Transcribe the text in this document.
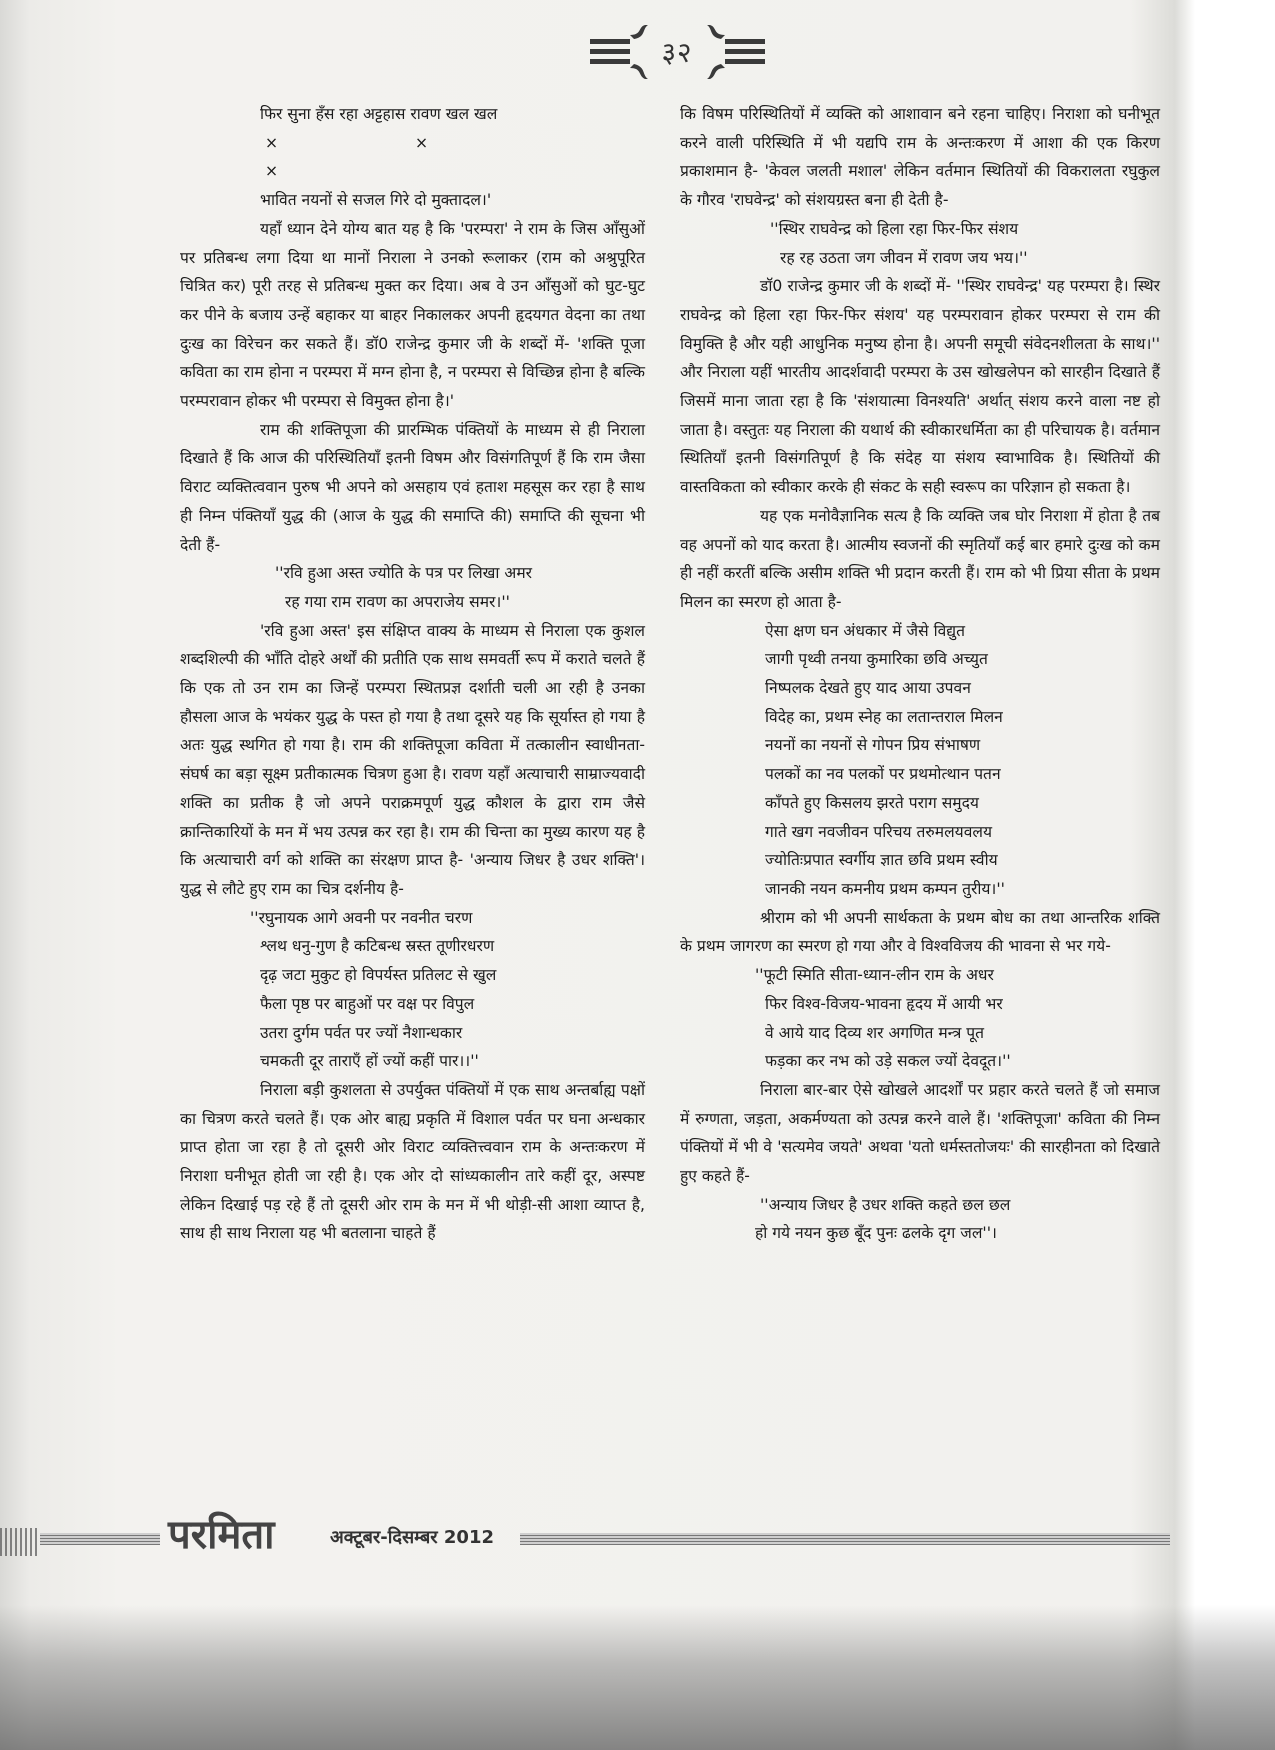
३२
फिर सुना हँस रहा अट्टहास रावण खल खल
×	××
भावित नयनों से सजल गिरे दो मुक्तादल।'

यहाँ ध्यान देने योग्य बात यह है कि 'परम्परा' ने राम के जिस आँसुओं पर प्रतिबन्ध लगा दिया था मानों निराला ने उनको रूलाकर (राम को अश्रुपूरित चित्रित कर) पूरी तरह से प्रतिबन्ध मुक्त कर दिया। अब वे उन आँसुओं को घुट-घुट कर पीने के बजाय उन्हें बहाकर या बाहर निकालकर अपनी हृदयगत वेदना का तथा दुःख का विरेचन कर सकते हैं। डॉ0 राजेन्द्र कुमार जी के शब्दों में- 'शक्ति पूजा कविता का राम होना न परम्परा में मग्न होना है, न परम्परा से विच्छिन्न होना है बल्कि परम्परावान होकर भी परम्परा से विमुक्त होना है।'

राम की शक्तिपूजा की प्रारम्भिक पंक्तियों के माध्यम से ही निराला दिखाते हैं कि आज की परिस्थितियाँ इतनी विषम और विसंगतिपूर्ण हैं कि राम जैसा विराट व्यक्तित्ववान पुरुष भी अपने को असहाय एवं हताश महसूस कर रहा है साथ ही निम्न पंक्तियाँ युद्ध की (आज के युद्ध की समाप्ति की) समाप्ति की सूचना भी देती हैं-

''रवि हुआ अस्त ज्योति के पत्र पर लिखा अमर
रह गया राम रावण का अपराजेय समर।''

'रवि हुआ अस्त' इस संक्षिप्त वाक्य के माध्यम से निराला एक कुशल शब्दशिल्पी की भाँति दोहरे अर्थों की प्रतीति एक साथ समवर्ती रूप में कराते चलते हैं कि एक तो उन राम का जिन्हें परम्परा स्थितप्रज्ञ दर्शाती चली आ रही है उनका हौसला आज के भयंकर युद्ध के पस्त हो गया है तथा दूसरे यह कि सूर्यास्त हो गया है अतः युद्ध स्थगित हो गया है। राम की शक्तिपूजा कविता में तत्कालीन स्वाधीनता-संघर्ष का बड़ा सूक्ष्म प्रतीकात्मक चित्रण हुआ है। रावण यहाँ अत्याचारी साम्राज्यवादी शक्ति का प्रतीक है जो अपने पराक्रमपूर्ण युद्ध कौशल के द्वारा राम जैसे क्रान्तिकारियों के मन में भय उत्पन्न कर रहा है। राम की चिन्ता का मुख्य कारण यह है कि अत्याचारी वर्ग को शक्ति का संरक्षण प्राप्त है- 'अन्याय जिधर है उधर शक्ति'। युद्ध से लौटे हुए राम का चित्र दर्शनीय है-

''रघुनायक आगे अवनी पर नवनीत चरण
श्लथ धनु-गुण है कटिबन्ध स्रस्त तूणीरधरण
दृढ़ जटा मुकुट हो विपर्यस्त प्रतिलट से खुल
फैला पृष्ठ पर बाहुओं पर वक्ष पर विपुल
उतरा दुर्गम पर्वत पर ज्यों नैशान्धकार
चमकती दूर ताराएँ हों ज्यों कहीं पार।।''

निराला बड़ी कुशलता से उपर्युक्त पंक्तियों में एक साथ अन्तर्बाह्य पक्षों का चित्रण करते चलते हैं। एक ओर बाह्य प्रकृति में विशाल पर्वत पर घना अन्धकार प्राप्त होता जा रहा है तो दूसरी ओर विराट व्यक्तित्त्ववान राम के अन्तःकरण में निराशा घनीभूत होती जा रही है। एक ओर दो सांध्यकालीन तारे कहीं दूर, अस्पष्ट लेकिन दिखाई पड़ रहे हैं तो दूसरी ओर राम के मन में भी थोड़ी-सी आशा व्याप्त है, साथ ही साथ निराला यह भी बतलाना चाहते हैं

कि विषम परिस्थितियों में व्यक्ति को आशावान बने रहना चाहिए। निराशा को घनीभूत करने वाली परिस्थिति में भी यद्यपि राम के अन्तःकरण में आशा की एक किरण प्रकाशमान है- 'केवल जलती मशाल' लेकिन वर्तमान स्थितियों की विकरालता रघुकुल के गौरव 'राघवेन्द्र' को संशयग्रस्त बना ही देती है-

''स्थिर राघवेन्द्र को हिला रहा फिर-फिर संशय
रह रह उठता जग जीवन में रावण जय भय।''

डॉ0 राजेन्द्र कुमार जी के शब्दों में- ''स्थिर राघवेन्द्र' यह परम्परा है। स्थिर राघवेन्द्र को हिला रहा फिर-फिर संशय' यह परम्परावान होकर परम्परा से राम की विमुक्ति है और यही आधुनिक मनुष्य होना है। अपनी समूची संवेदनशीलता के साथ।'' और निराला यहीं भारतीय आदर्शवादी परम्परा के उस खोखलेपन को सारहीन दिखाते हैं जिसमें माना जाता रहा है कि 'संशयात्मा विनश्यति' अर्थात् संशय करने वाला नष्ट हो जाता है। वस्तुतः यह निराला की यथार्थ की स्वीकारधर्मिता का ही परिचायक है। वर्तमान स्थितियाँ इतनी विसंगतिपूर्ण है कि संदेह या संशय स्वाभाविक है। स्थितियों की वास्तविकता को स्वीकार करके ही संकट के सही स्वरूप का परिज्ञान हो सकता है।

यह एक मनोवैज्ञानिक सत्य है कि व्यक्ति जब घोर निराशा में होता है तब वह अपनों को याद करता है। आत्मीय स्वजनों की स्मृतियाँ कई बार हमारे दुःख को कम ही नहीं करतीं बल्कि असीम शक्ति भी प्रदान करती हैं। राम को भी प्रिया सीता के प्रथम मिलन का स्मरण हो आता है-

ऐसा क्षण घन अंधकार में जैसे विद्युत
जागी पृथ्वी तनया कुमारिका छवि अच्युत
निष्पलक देखते हुए याद आया उपवन
विदेह का, प्रथम स्नेह का लतान्तराल मिलन
नयनों का नयनों से गोपन प्रिय संभाषण
पलकों का नव पलकों पर प्रथमोत्थान पतन
काँपते हुए किसलय झरते पराग समुदय
गाते खग नवजीवन परिचय तरुमलयवलय
ज्योतिःप्रपात स्वर्गीय ज्ञात छवि प्रथम स्वीय
जानकी नयन कमनीय प्रथम कम्पन तुरीय।''

श्रीराम को भी अपनी सार्थकता के प्रथम बोध का तथा आन्तरिक शक्ति के प्रथम जागरण का स्मरण हो गया और वे विश्वविजय की भावना से भर गये-

''फूटी स्मिति सीता-ध्यान-लीन राम के अधर
फिर विश्व-विजय-भावना हृदय में आयी भर
वे आये याद दिव्य शर अगणित मन्त्र पूत
फड़का कर नभ को उड़े सकल ज्यों देवदूत।''

निराला बार-बार ऐसे खोखले आदर्शों पर प्रहार करते चलते हैं जो समाज में रुग्णता, जड़ता, अकर्मण्यता को उत्पन्न करने वाले हैं। 'शक्तिपूजा' कविता की निम्न पंक्तियों में भी वे 'सत्यमेव जयते' अथवा 'यतो धर्मस्ततोजयः' की सारहीनता को दिखाते हुए कहते हैं-

''अन्याय जिधर है उधर शक्ति कहते छल छल
हो गये नयन कुछ बूँद पुनः ढलके दृग जल''।
परमिता	अक्टूबर-दिसम्बर 2012
